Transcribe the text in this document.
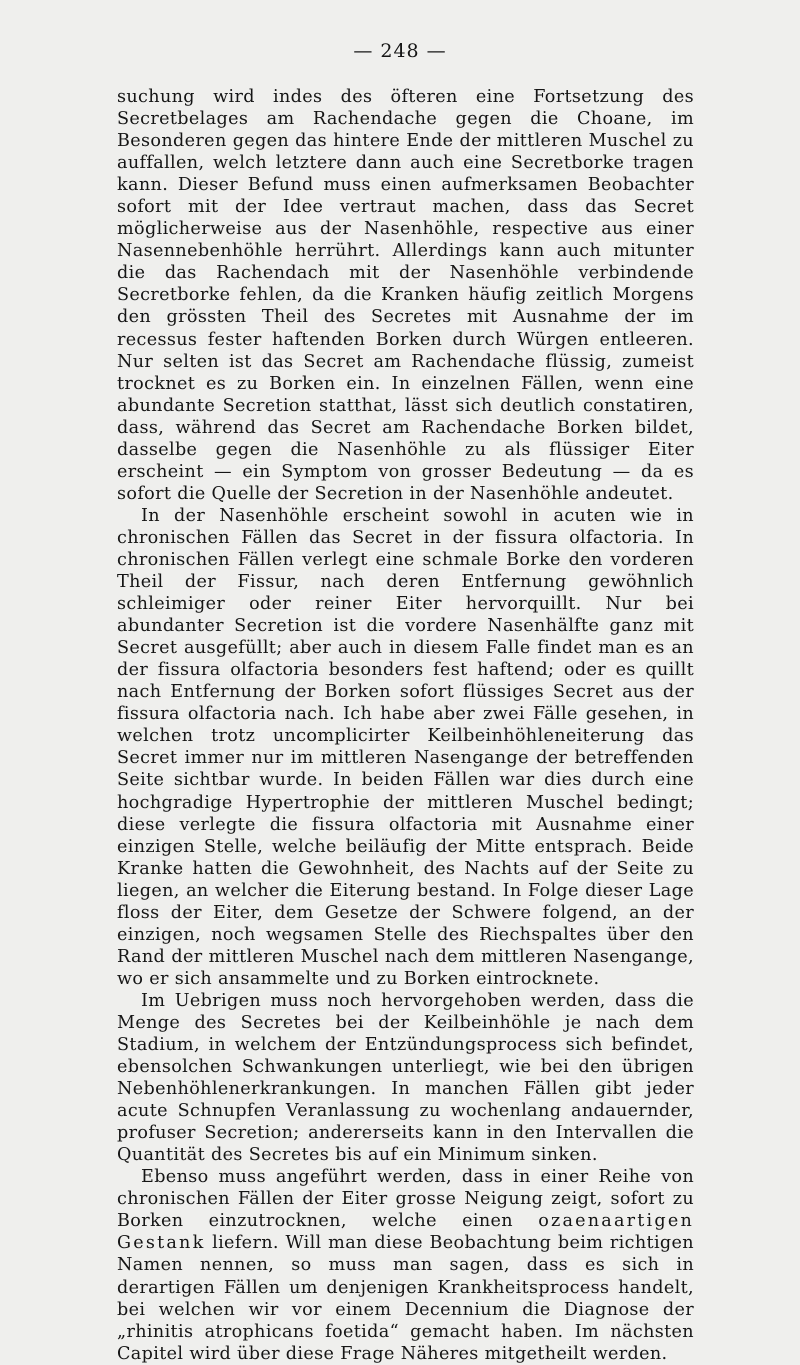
— 248 —

suchung wird indes des öfteren eine Fortsetzung des Secretbelages am Rachendache gegen die Choane, im Besonderen gegen das hintere Ende der mittleren Muschel zu auffallen, welch letztere dann auch eine Secretborke tragen kann. Dieser Befund muss einen aufmerksamen Beobachter sofort mit der Idee vertraut machen, dass das Secret möglicherweise aus der Nasenhöhle, respective aus einer Nasennebenhöhle herrührt. Allerdings kann auch mitunter die das Rachendach mit der Nasenhöhle verbindende Secretborke fehlen, da die Kranken häufig zeitlich Morgens den grössten Theil des Secretes mit Ausnahme der im recessus fester haftenden Borken durch Würgen entleeren. Nur selten ist das Secret am Rachendache flüssig, zumeist trocknet es zu Borken ein. In einzelnen Fällen, wenn eine abundante Secretion statthat, lässt sich deutlich constatiren, dass, während das Secret am Rachendache Borken bildet, dasselbe gegen die Nasenhöhle zu als flüssiger Eiter erscheint — ein Symptom von grosser Bedeutung — da es sofort die Quelle der Secretion in der Nasenhöhle andeutet.

In der Nasenhöhle erscheint sowohl in acuten wie in chronischen Fällen das Secret in der fissura olfactoria. In chronischen Fällen verlegt eine schmale Borke den vorderen Theil der Fissur, nach deren Entfernung gewöhnlich schleimiger oder reiner Eiter hervorquillt. Nur bei abundanter Secretion ist die vordere Nasenhälfte ganz mit Secret ausgefüllt; aber auch in diesem Falle findet man es an der fissura olfactoria besonders fest haftend; oder es quillt nach Entfernung der Borken sofort flüssiges Secret aus der fissura olfactoria nach. Ich habe aber zwei Fälle gesehen, in welchen trotz uncomplicirter Keilbeinhöhleneiterung das Secret immer nur im mittleren Nasengange der betreffenden Seite sichtbar wurde. In beiden Fällen war dies durch eine hochgradige Hypertrophie der mittleren Muschel bedingt; diese verlegte die fissura olfactoria mit Ausnahme einer einzigen Stelle, welche beiläufig der Mitte entsprach. Beide Kranke hatten die Gewohnheit, des Nachts auf der Seite zu liegen, an welcher die Eiterung bestand. In Folge dieser Lage floss der Eiter, dem Gesetze der Schwere folgend, an der einzigen, noch wegsamen Stelle des Riechspaltes über den Rand der mittleren Muschel nach dem mittleren Nasengange, wo er sich ansammelte und zu Borken eintrocknete.

Im Uebrigen muss noch hervorgehoben werden, dass die Menge des Secretes bei der Keilbeinhöhle je nach dem Stadium, in welchem der Entzündungsprocess sich befindet, ebensolchen Schwankungen unterliegt, wie bei den übrigen Nebenhöhlenerkrankungen. In manchen Fällen gibt jeder acute Schnupfen Veranlassung zu wochenlang andauernder, profuser Secretion; andererseits kann in den Intervallen die Quantität des Secretes bis auf ein Minimum sinken.

Ebenso muss angeführt werden, dass in einer Reihe von chronischen Fällen der Eiter grosse Neigung zeigt, sofort zu Borken einzutrocknen, welche einen ozaenaartigen Gestank liefern. Will man diese Beobachtung beim richtigen Namen nennen, so muss man sagen, dass es sich in derartigen Fällen um denjenigen Krankheitsprocess handelt, bei welchen wir vor einem Decennium die Diagnose der „rhinitis atrophicans foetida“ gemacht haben. Im nächsten Capitel wird über diese Frage Näheres mitgetheilt werden.
